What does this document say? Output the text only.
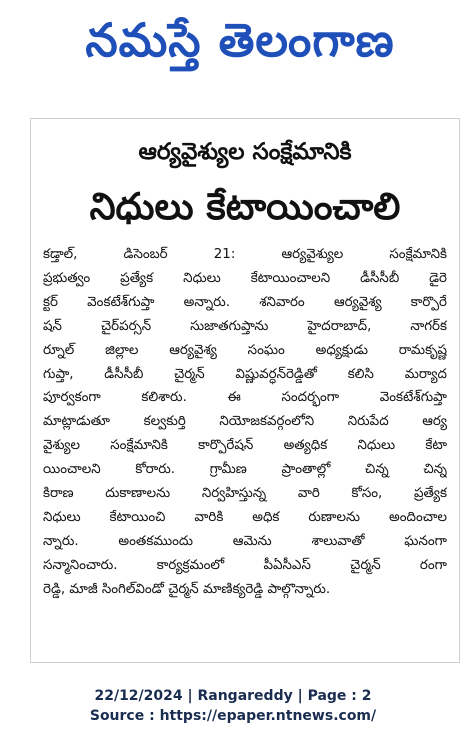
నమస్తే తెలంగాణ
ఆర్యవైశ్యుల సంక్షేమానికి
నిధులు కేటాయించాలి
కడ్తాల్, డిసెంబర్ 21: ఆర్యవైశ్యుల సంక్షేమానికి
ప్రభుత్వం ప్రత్యేక నిధులు కేటాయించాలని డీసీసీబీ డైరె
క్టర్ వెంకటేశ్‌గుప్తా అన్నారు. శనివారం ఆర్యవైశ్య కార్పొరే
షన్ చైర్‌పర్సన్ సుజాతగుప్తాను హైదరాబాద్, నాగర్‌క
ర్నూల్ జిల్లాల ఆర్యవైశ్య సంఘం అధ్యక్షుడు రామకృష్ణ
గుప్తా, డీసీసీబీ చైర్మన్ విష్ణువర్ధన్‌రెడ్డితో కలిసి మర్యాద
పూర్వకంగా కలిశారు. ఈ సందర్భంగా వెంకటేశ్‌గుప్తా
మాట్లాడుతూ కల్వకుర్తి నియోజకవర్గంలోని నిరుపేద ఆర్య
వైశ్యుల సంక్షేమానికి కార్పొరేషన్ అత్యధిక నిధులు కేటా
యించాలని కోరారు. గ్రామీణ ప్రాంతాల్లో చిన్న చిన్న
కిరాణ దుకాణాలను నిర్వహిస్తున్న వారి కోసం, ప్రత్యేక
నిధులు కేటాయించి వారికి అధిక రుణాలను అందించాల
న్నారు. అంతకముందు ఆమెను శాలువాతో ఘనంగా
సన్మానించారు. కార్యక్రమంలో పీఏసీఎస్ చైర్మన్ రంగా
రెడ్డి, మాజీ సింగిల్‌విండో చైర్మన్ మాణిక్యరెడ్డి పాల్గొన్నారు.
22/12/2024 | Rangareddy | Page : 2
Source : https://epaper.ntnews.com/
